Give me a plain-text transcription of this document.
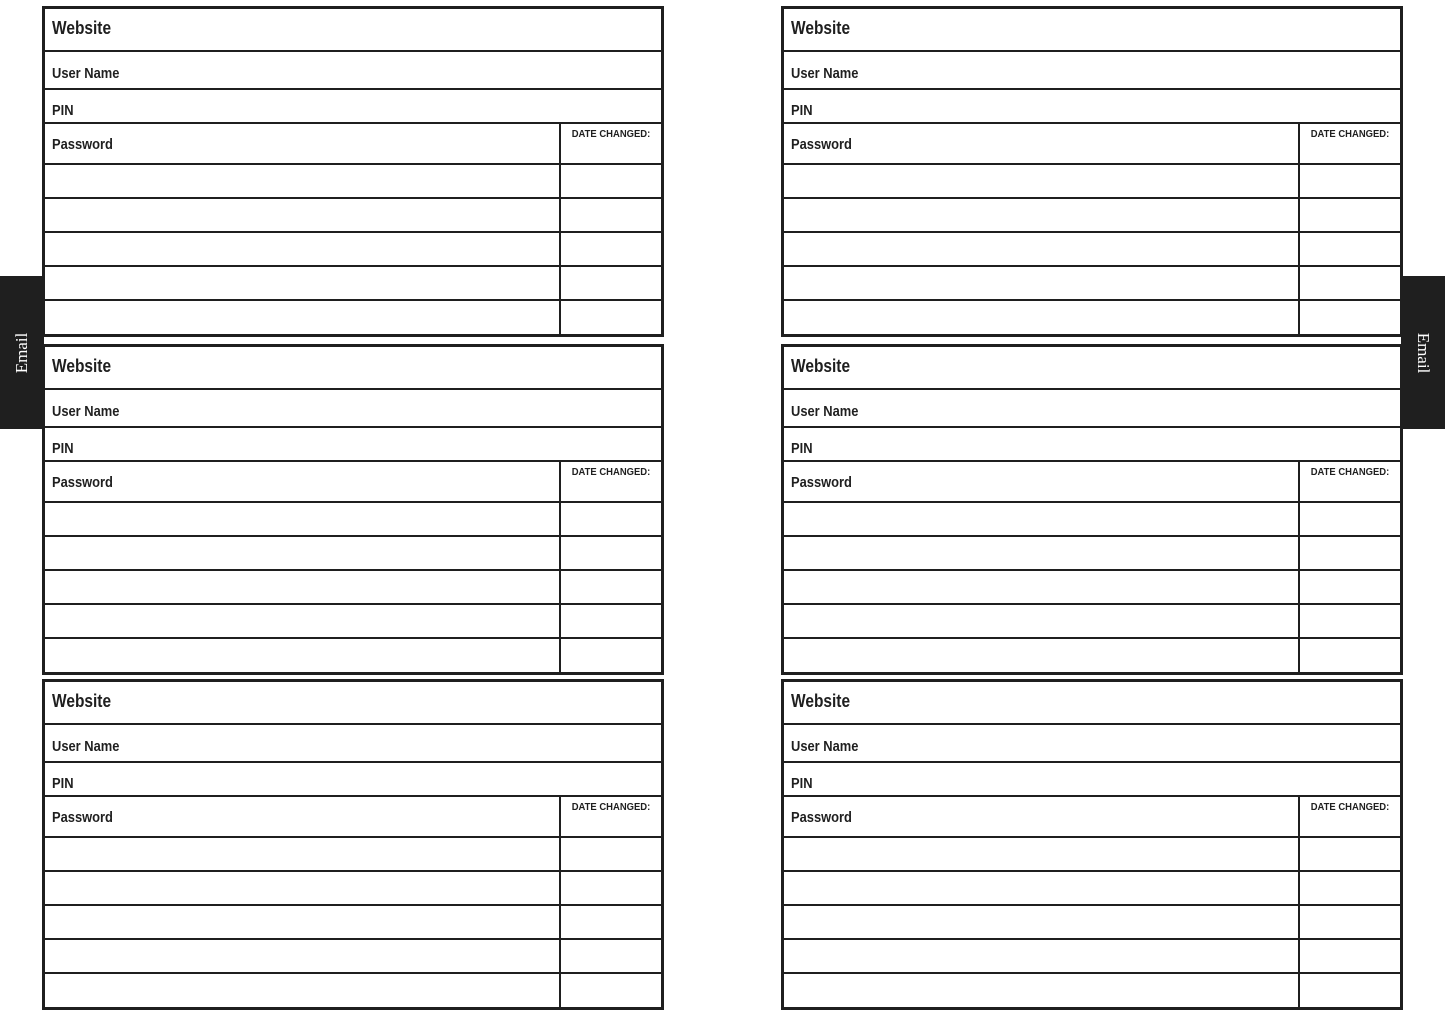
Email	Email
Website
User Name
PIN
Password
DATE CHANGED:
Website
User Name
PIN
Password
DATE CHANGED:
Website
User Name
PIN
Password
DATE CHANGED:
Website
User Name
PIN
Password
DATE CHANGED:
Website
User Name
PIN
Password
DATE CHANGED:
Website
User Name
PIN
Password
DATE CHANGED:
